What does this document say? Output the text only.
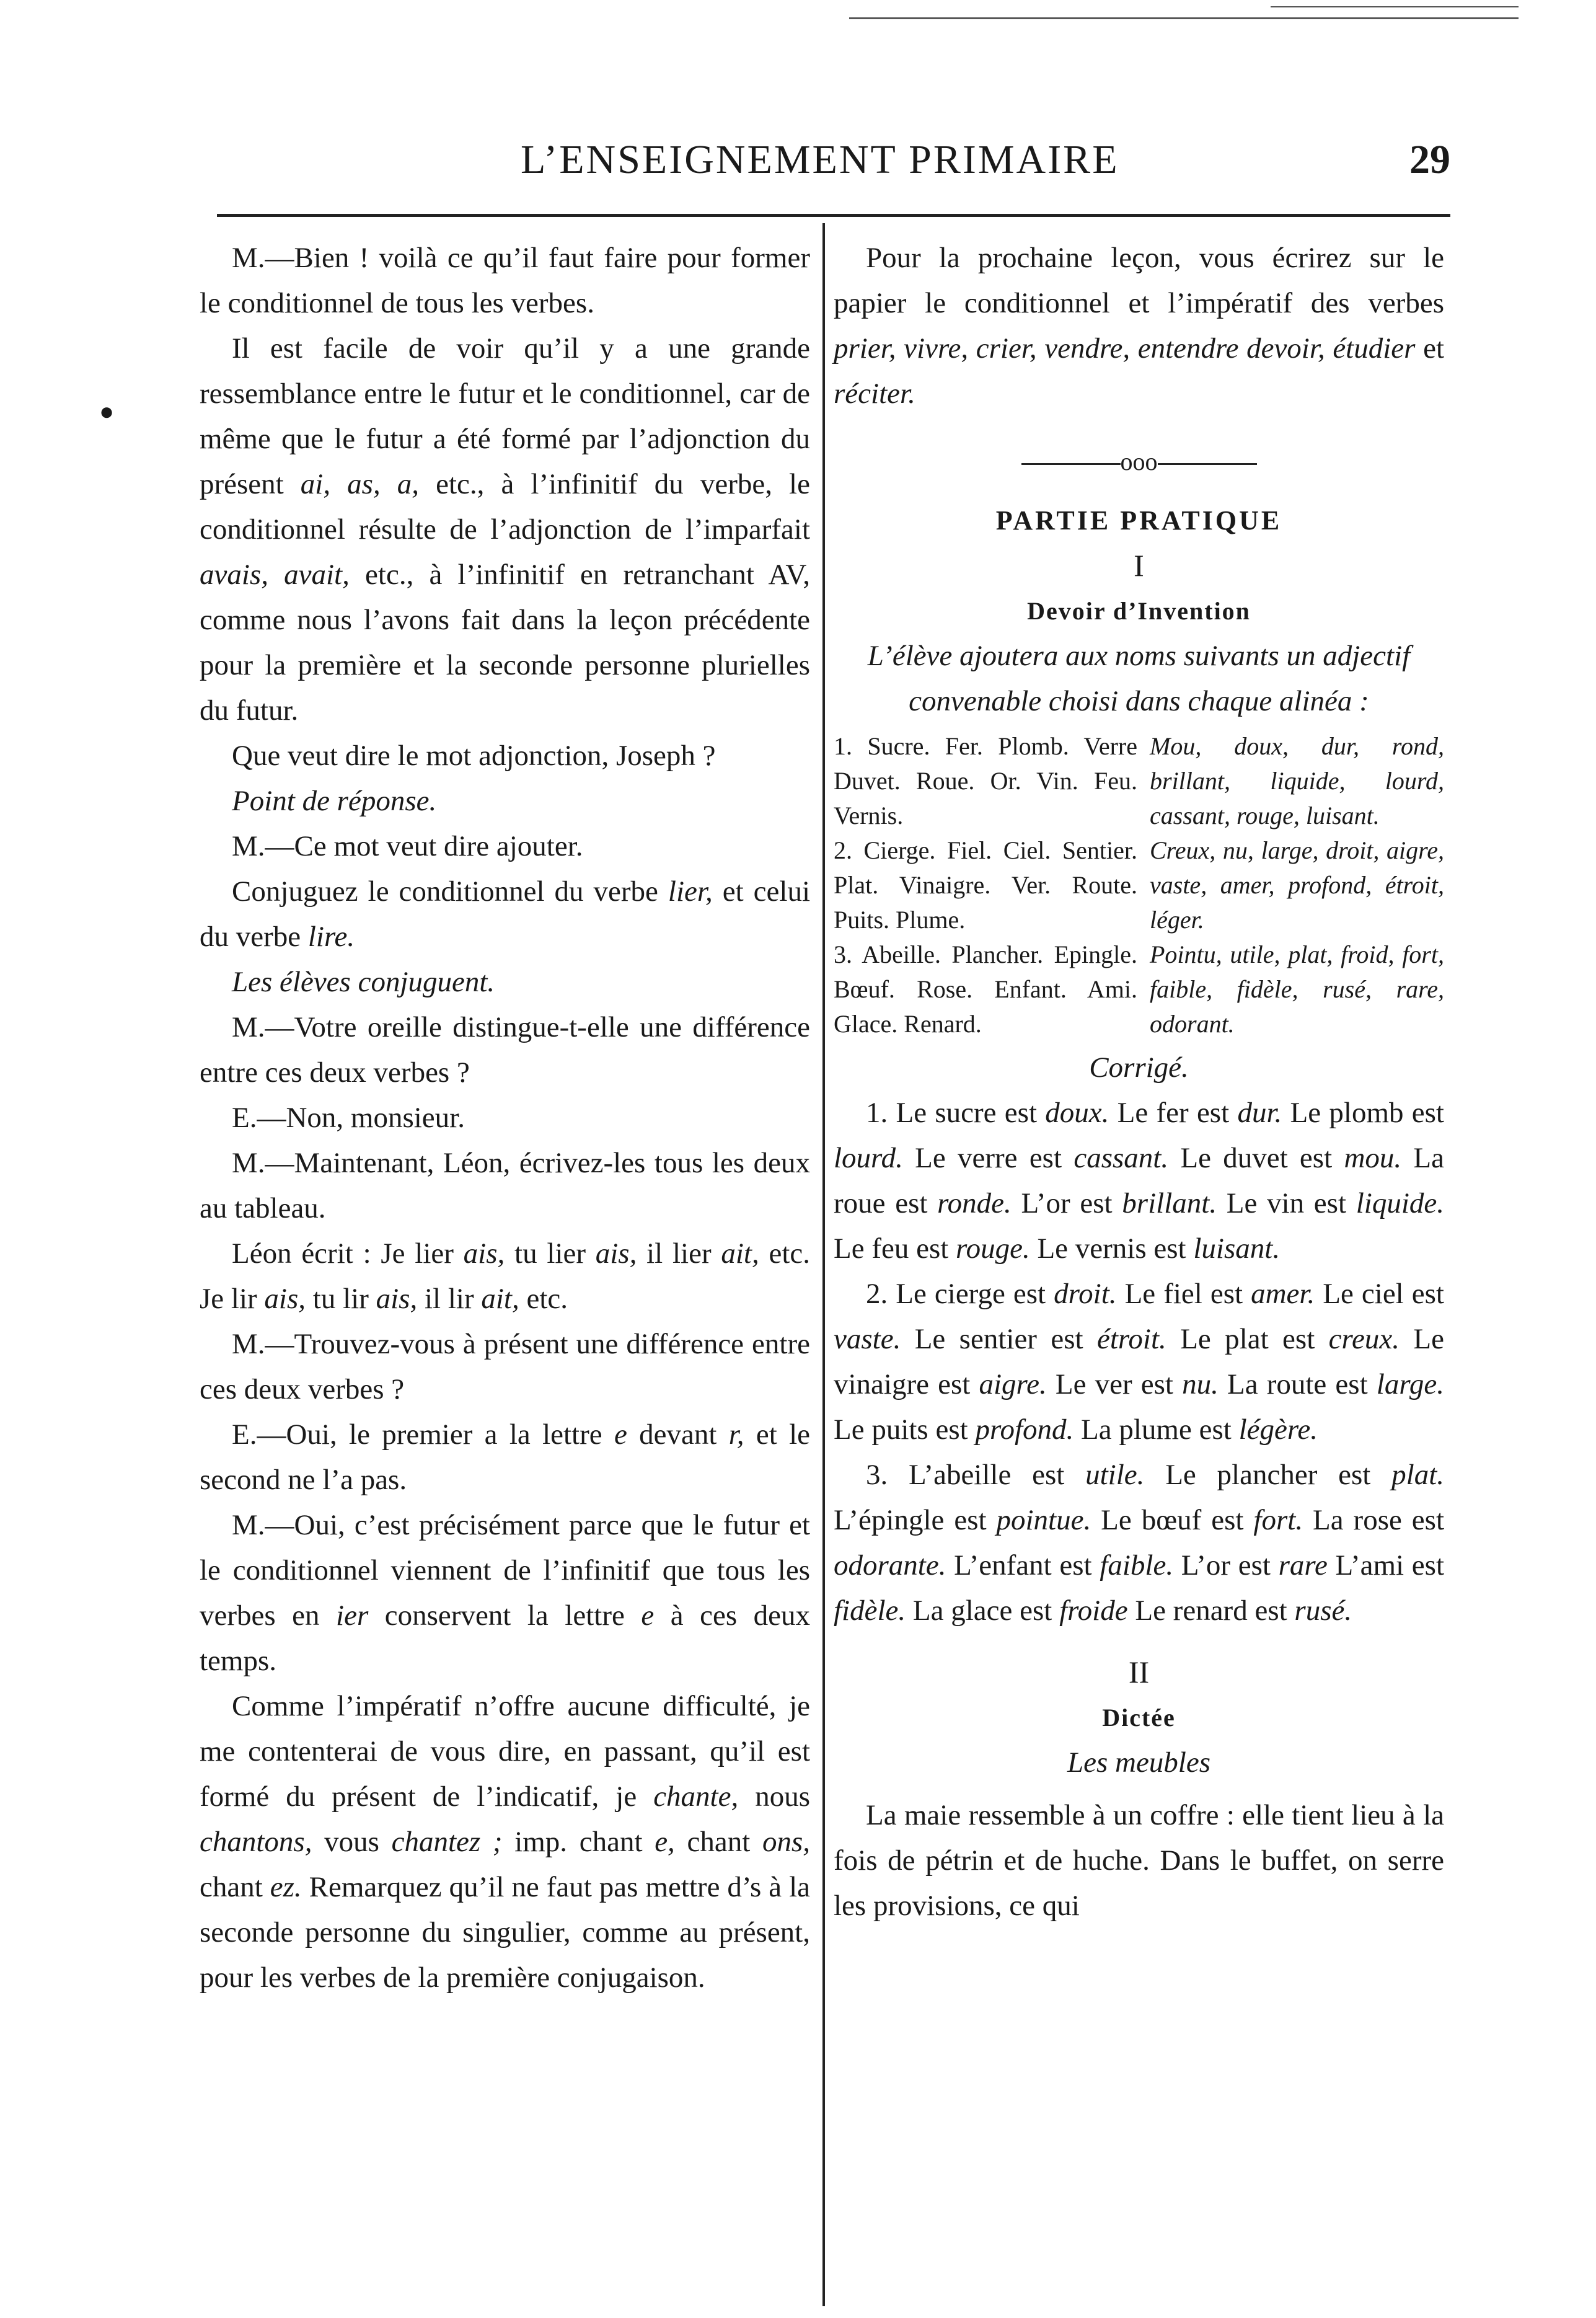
L’ENSEIGNEMENT PRIMAIRE	29
●

M.—Bien ! voilà ce qu’il faut faire pour former le conditionnel de tous les verbes.

Il est facile de voir qu’il y a une grande ressemblance entre le futur et le conditionnel, car de même que le futur a été formé par l’adjonction du présent ai, as, a, etc., à l’infinitif du verbe, le conditionnel résulte de l’adjonction de l’imparfait avais, avait, etc., à l’infinitif en retranchant AV, comme nous l’avons fait dans la leçon précédente pour la première et la seconde personne plurielles du futur.

Que veut dire le mot adjonction, Joseph ?

Point de réponse.

M.—Ce mot veut dire ajouter.

Conjuguez le conditionnel du verbe lier, et celui du verbe lire.

Les élèves conjuguent.

M.—Votre oreille distingue-t-elle une différence entre ces deux verbes ?

E.—Non, monsieur.

M.—Maintenant, Léon, écrivez-les tous les deux au tableau.

Léon écrit : Je lier ais, tu lier ais, il lier ait, etc. Je lir ais, tu lir ais, il lir ait, etc.

M.—Trouvez-vous à présent une différence entre ces deux verbes ?

E.—Oui, le premier a la lettre e devant r, et le second ne l’a pas.

M.—Oui, c’est précisément parce que le futur et le conditionnel viennent de l’infinitif que tous les verbes en ier conservent la lettre e à ces deux temps.

Comme l’impératif n’offre aucune difficulté, je me contenterai de vous dire, en passant, qu’il est formé du présent de l’indicatif, je chante, nous chantons, vous chantez ; imp. chant e, chant ons, chant ez. Remarquez qu’il ne faut pas mettre d’s à la seconde personne du singulier, comme au présent, pour les verbes de la première conjugaison.

Pour la prochaine leçon, vous écrirez sur le papier le conditionnel et l’impératif des verbes prier, vivre, crier, vendre, entendre devoir, étudier et réciter.

ooo

PARTIE PRATIQUE

I

Devoir d’Invention

L’élève ajoutera aux noms suivants un adjectif convenable choisi dans chaque alinéa :

1. Sucre. Fer. Plomb. Verre Duvet. Roue. Or. Vin. Feu. Vernis.
Mou, doux, dur, rond, brillant, liquide, lourd, cassant, rouge, luisant.
2. Cierge. Fiel. Ciel. Sentier. Plat. Vinaigre. Ver. Route. Puits. Plume.
Creux, nu, large, droit, aigre, vaste, amer, profond, étroit, léger.
3. Abeille. Plancher. Epingle. Bœuf. Rose. Enfant. Ami. Glace. Renard.
Pointu, utile, plat, froid, fort, faible, fidèle, rusé, rare, odorant.

Corrigé.

1. Le sucre est doux. Le fer est dur. Le plomb est lourd. Le verre est cassant. Le duvet est mou. La roue est ronde. L’or est brillant. Le vin est liquide. Le feu est rouge. Le vernis est luisant.

2. Le cierge est droit. Le fiel est amer. Le ciel est vaste. Le sentier est étroit. Le plat est creux. Le vinaigre est aigre. Le ver est nu. La route est large. Le puits est profond. La plume est légère.

3. L’abeille est utile. Le plancher est plat. L’épingle est pointue. Le bœuf est fort. La rose est odorante. L’enfant est faible. L’or est rare L’ami est fidèle. La glace est froide Le renard est rusé.

II

Dictée

Les meubles

La maie ressemble à un coffre : elle tient lieu à la fois de pétrin et de huche. Dans le buffet, on serre les provisions, ce qui
